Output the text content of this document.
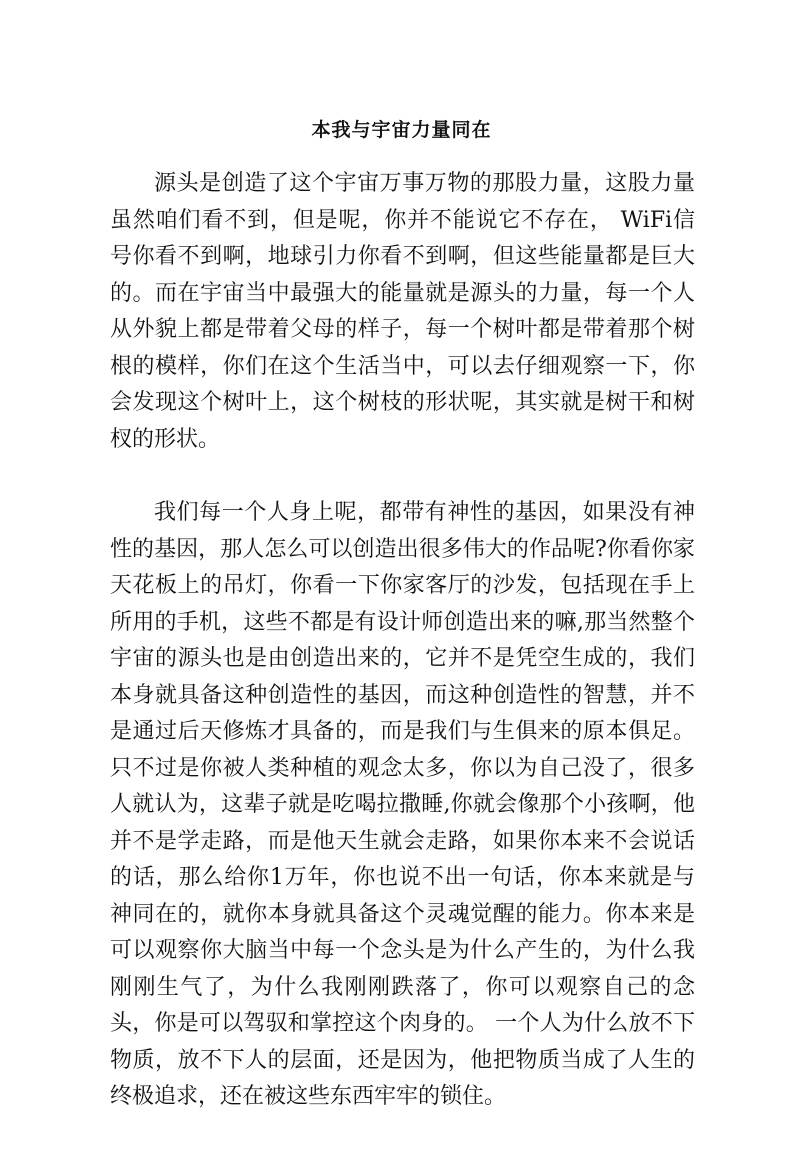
本我与宇宙力量同在

源头是创造了这个宇宙万事万物的那股力量，这股力量虽然咱们看不到，但是呢，你并不能说它不存在， WiFi信号你看不到啊，地球引力你看不到啊，但这些能量都是巨大的。而在宇宙当中最强大的能量就是源头的力量，每一个人从外貌上都是带着父母的样子，每一个树叶都是带着那个树根的模样，你们在这个生活当中，可以去仔细观察一下，你会发现这个树叶上，这个树枝的形状呢，其实就是树干和树杈的形状。

我们每一个人身上呢，都带有神性的基因，如果没有神性的基因，那人怎么可以创造出很多伟大的作品呢?你看你家天花板上的吊灯，你看一下你家客厅的沙发，包括现在手上所用的手机，这些不都是有设计师创造出来的嘛,那当然整个宇宙的源头也是由创造出来的，它并不是凭空生成的，我们本身就具备这种创造性的基因，而这种创造性的智慧，并不是通过后天修炼才具备的，而是我们与生俱来的原本俱足。只不过是你被人类种植的观念太多，你以为自己没了，很多人就认为，这辈子就是吃喝拉撒睡,你就会像那个小孩啊，他并不是学走路，而是他天生就会走路，如果你本来不会说话的话，那么给你1万年，你也说不出一句话，你本来就是与神同在的，就你本身就具备这个灵魂觉醒的能力。你本来是可以观察你大脑当中每一个念头是为什么产生的，为什么我刚刚生气了，为什么我刚刚跌落了，你可以观察自己的念头，你是可以驾驭和掌控这个肉身的。 一个人为什么放不下物质，放不下人的层面，还是因为，他把物质当成了人生的终极追求，还在被这些东西牢牢的锁住。
